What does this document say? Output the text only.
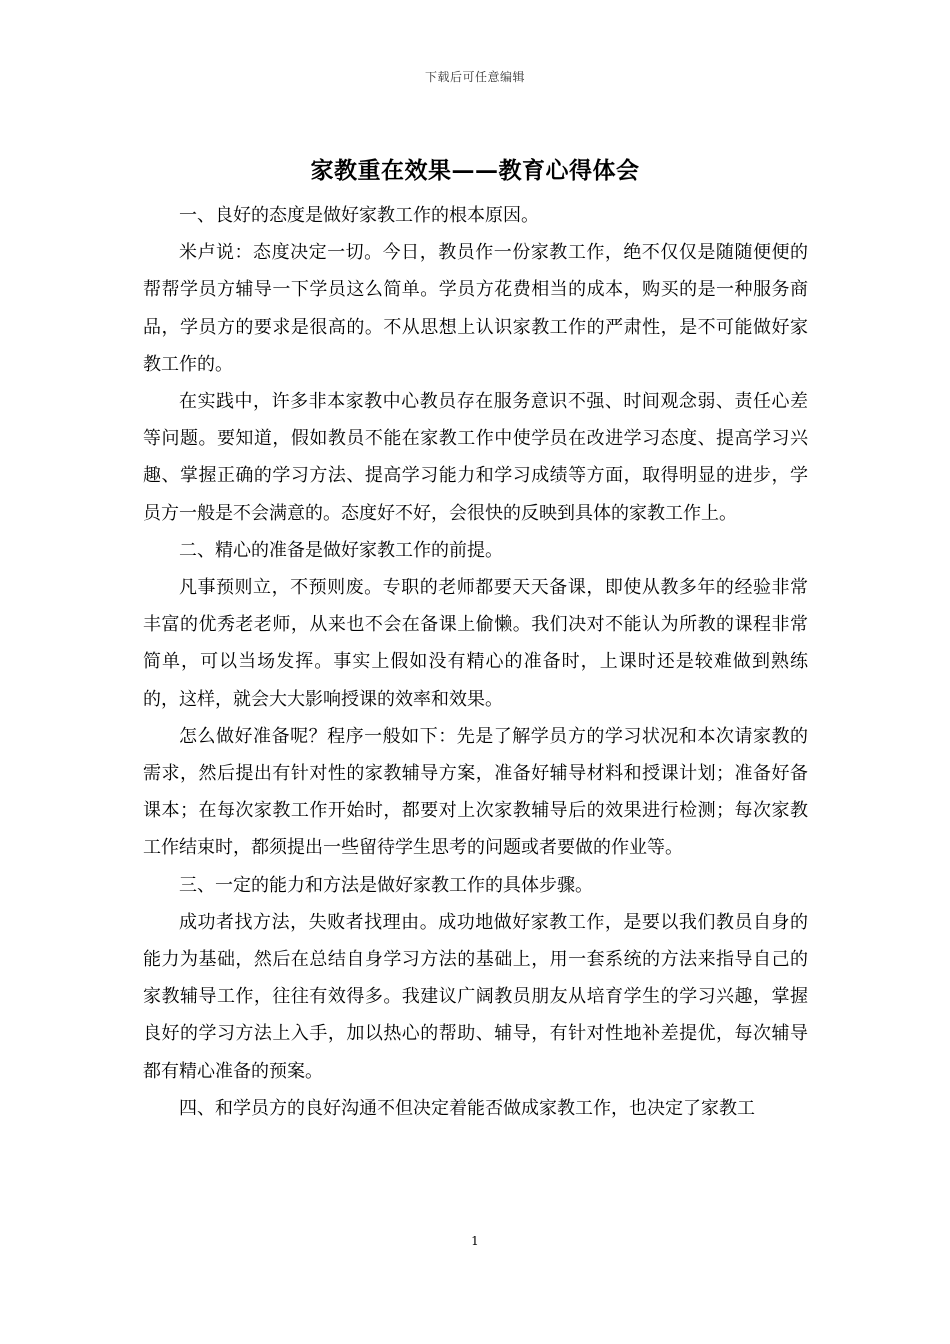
下载后可任意编辑
家教重在效果——教育心得体会

一、良好的态度是做好家教工作的根本原因。

米卢说：态度决定一切。今日，教员作一份家教工作，绝不仅仅是随随便便的帮帮学员方辅导一下学员这么简单。学员方花费相当的成本，购买的是一种服务商品，学员方的要求是很高的。不从思想上认识家教工作的严肃性，是不可能做好家教工作的。

在实践中，许多非本家教中心教员存在服务意识不强、时间观念弱、责任心差等问题。要知道，假如教员不能在家教工作中使学员在改进学习态度、提高学习兴趣、掌握正确的学习方法、提高学习能力和学习成绩等方面，取得明显的进步，学员方一般是不会满意的。态度好不好，会很快的反映到具体的家教工作上。

二、精心的准备是做好家教工作的前提。

凡事预则立，不预则废。专职的老师都要天天备课，即使从教多年的经验非常丰富的优秀老老师，从来也不会在备课上偷懒。我们决对不能认为所教的课程非常简单，可以当场发挥。事实上假如没有精心的准备时，上课时还是较难做到熟练的，这样，就会大大影响授课的效率和效果。

怎么做好准备呢？程序一般如下：先是了解学员方的学习状况和本次请家教的需求，然后提出有针对性的家教辅导方案，准备好辅导材料和授课计划；准备好备课本；在每次家教工作开始时，都要对上次家教辅导后的效果进行检测；每次家教工作结束时，都须提出一些留待学生思考的问题或者要做的作业等。

三、一定的能力和方法是做好家教工作的具体步骤。

成功者找方法，失败者找理由。成功地做好家教工作，是要以我们教员自身的能力为基础，然后在总结自身学习方法的基础上，用一套系统的方法来指导自己的家教辅导工作，往往有效得多。我建议广阔教员朋友从培育学生的学习兴趣，掌握良好的学习方法上入手，加以热心的帮助、辅导，有针对性地补差提优，每次辅导都有精心准备的预案。

四、和学员方的良好沟通不但决定着能否做成家教工作，也决定了家教工

1
